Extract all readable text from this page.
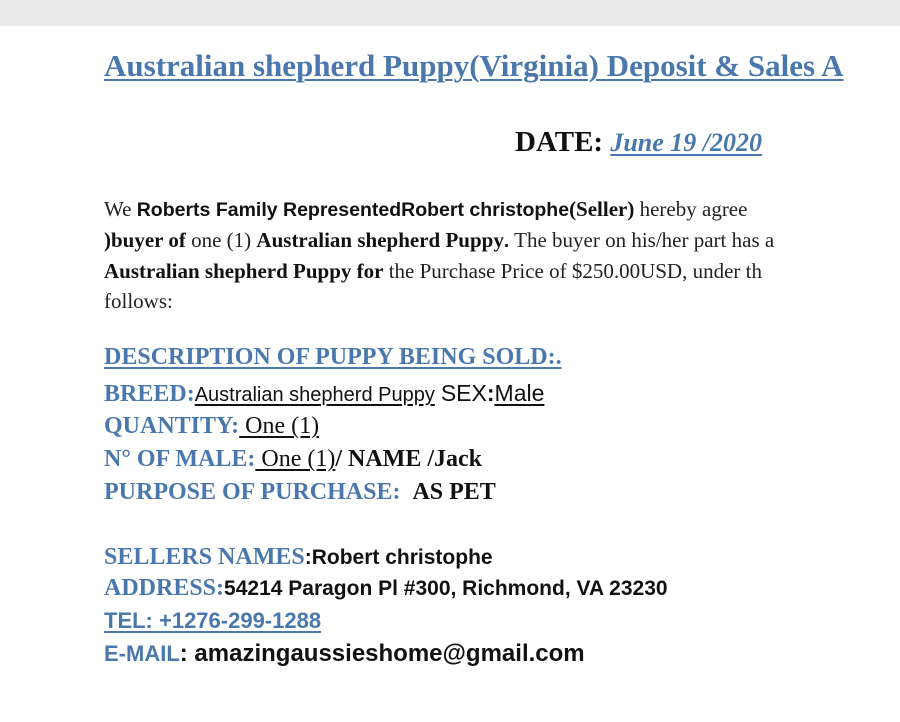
Australian shepherd Puppy(Virginia) Deposit & Sales A
DATE: June 19 /2020
We Roberts Family RepresentedRobert christophe(Seller) hereby agree
)buyer of one (1) Australian shepherd Puppy. The buyer on his/her part has a
Australian shepherd Puppy for the Purchase Price of $250.00USD, under th
follows:
DESCRIPTION OF PUPPY BEING SOLD:.
BREED:Australian shepherd Puppy SEX:Male
QUANTITY: One (1)
N° OF MALE: One (1)/ NAME /Jack
PURPOSE OF PURCHASE: AS PET
SELLERS NAMES:Robert christophe
ADDRESS:54214 Paragon Pl #300, Richmond, VA 23230
TEL: +1276-299-1288
E-MAIL: amazingaussieshome@gmail.com
